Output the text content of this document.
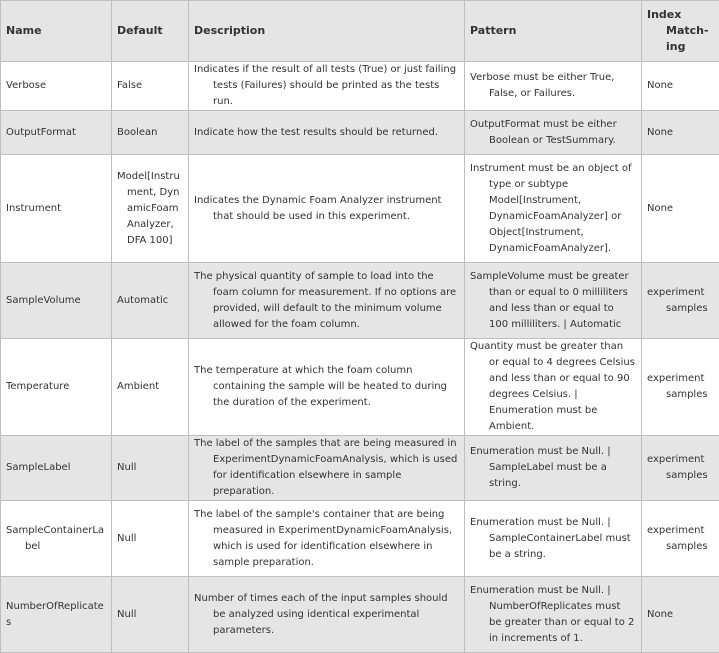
Name	Default	Description	Pattern	Index Match-ing

Verbose	False	Indicates if the result of all tests (True) or just failing tests (Failures) should be printed as the tests run.	Verbose must be either True, False, or Failures.	None

OutputFormat	Boolean	Indicate how the test results should be returned.	OutputFormat must be either Boolean or TestSummary.	None

Instrument	Model[Instrument, DynamicFoamAnalyzer, DFA 100]	Indicates the Dynamic Foam Analyzer instrument that should be used in this experiment.	Instrument must be an object of type or subtype Model[Instrument, DynamicFoamAnalyzer] or Object[Instrument, DynamicFoamAnalyzer].	None

SampleVolume	Automatic	The physical quantity of sample to load into the foam column for measurement. If no options are provided, will default to the minimum volume allowed for the foam column.	SampleVolume must be greater than or equal to 0 milliliters and less than or equal to 100 milliliters. | Automatic	experiment samples

Temperature	Ambient	The temperature at which the foam column containing the sample will be heated to during the duration of the experiment.	Quantity must be greater than or equal to 4 degrees Celsius and less than or equal to 90 degrees Celsius. | Enumeration must be Ambient.	experiment samples

SampleLabel	Null	The label of the samples that are being measured in ExperimentDynamicFoamAnalysis, which is used for identification elsewhere in sample preparation.	Enumeration must be Null. | SampleLabel must be a string.	experiment samples

SampleContainerLabel	Null	The label of the sample's container that are being measured in ExperimentDynamicFoamAnalysis, which is used for identification elsewhere in sample preparation.	Enumeration must be Null. | SampleContainerLabel must be a string.	experiment samples

NumberOfReplicates	Null	Number of times each of the input samples should be analyzed using identical experimental parameters.	Enumeration must be Null. | NumberOfReplicates must be greater than or equal to 2 in increments of 1.	None
